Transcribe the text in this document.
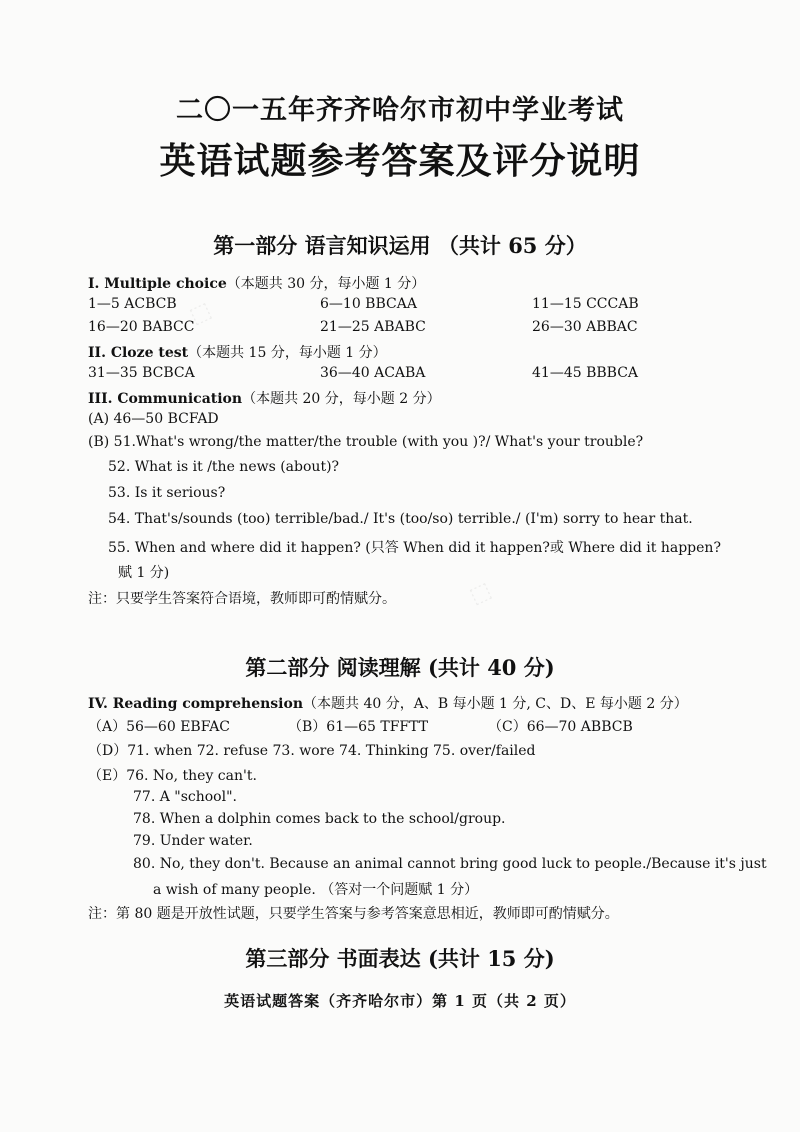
⬚
⬚
二〇一五年齐齐哈尔市初中学业考试
英语试题参考答案及评分说明
第一部分 语言知识运用 （共计 65 分）
I. Multiple choice（本题共 30 分，每小题 1 分）
1—5 ACBCB	6—10 BBCAA	11—15 CCCAB
16—20 BABCC	21—25 ABABC	26—30 ABBAC
II. Cloze test（本题共 15 分，每小题 1 分）
31—35 BCBCA	36—40 ACABA	41—45 BBBCA
III. Communication（本题共 20 分，每小题 2 分）
(A) 46—50 BCFAD
(B) 51.What's wrong/the matter/the trouble (with you )?/ What's your trouble?
52. What is it /the news (about)?
53. Is it serious?
54. That's/sounds (too) terrible/bad./ It's (too/so) terrible./ (I'm) sorry to hear that.
55. When and where did it happen? (只答 When did it happen?或 Where did it happen?
赋 1 分)
注：只要学生答案符合语境，教师即可酌情赋分。
第二部分 阅读理解 (共计 40 分)
IV. Reading comprehension（本题共 40 分，A、B 每小题 1 分, C、D、E 每小题 2 分）
（A）56—60 EBFAC	（B）61—65 TFFTT	（C）66—70 ABBCB
（D）71. when 72. refuse 73. wore 74. Thinking 75. over/failed
（E）76. No, they can't.
77. A "school".
78. When a dolphin comes back to the school/group.
79. Under water.
80. No, they don't. Because an animal cannot bring good luck to people./Because it's just
a wish of many people. （答对一个问题赋 1 分）
注：第 80 题是开放性试题，只要学生答案与参考答案意思相近，教师即可酌情赋分。
第三部分 书面表达 (共计 15 分)
英语试题答案（齐齐哈尔市）第 1 页（共 2 页）
